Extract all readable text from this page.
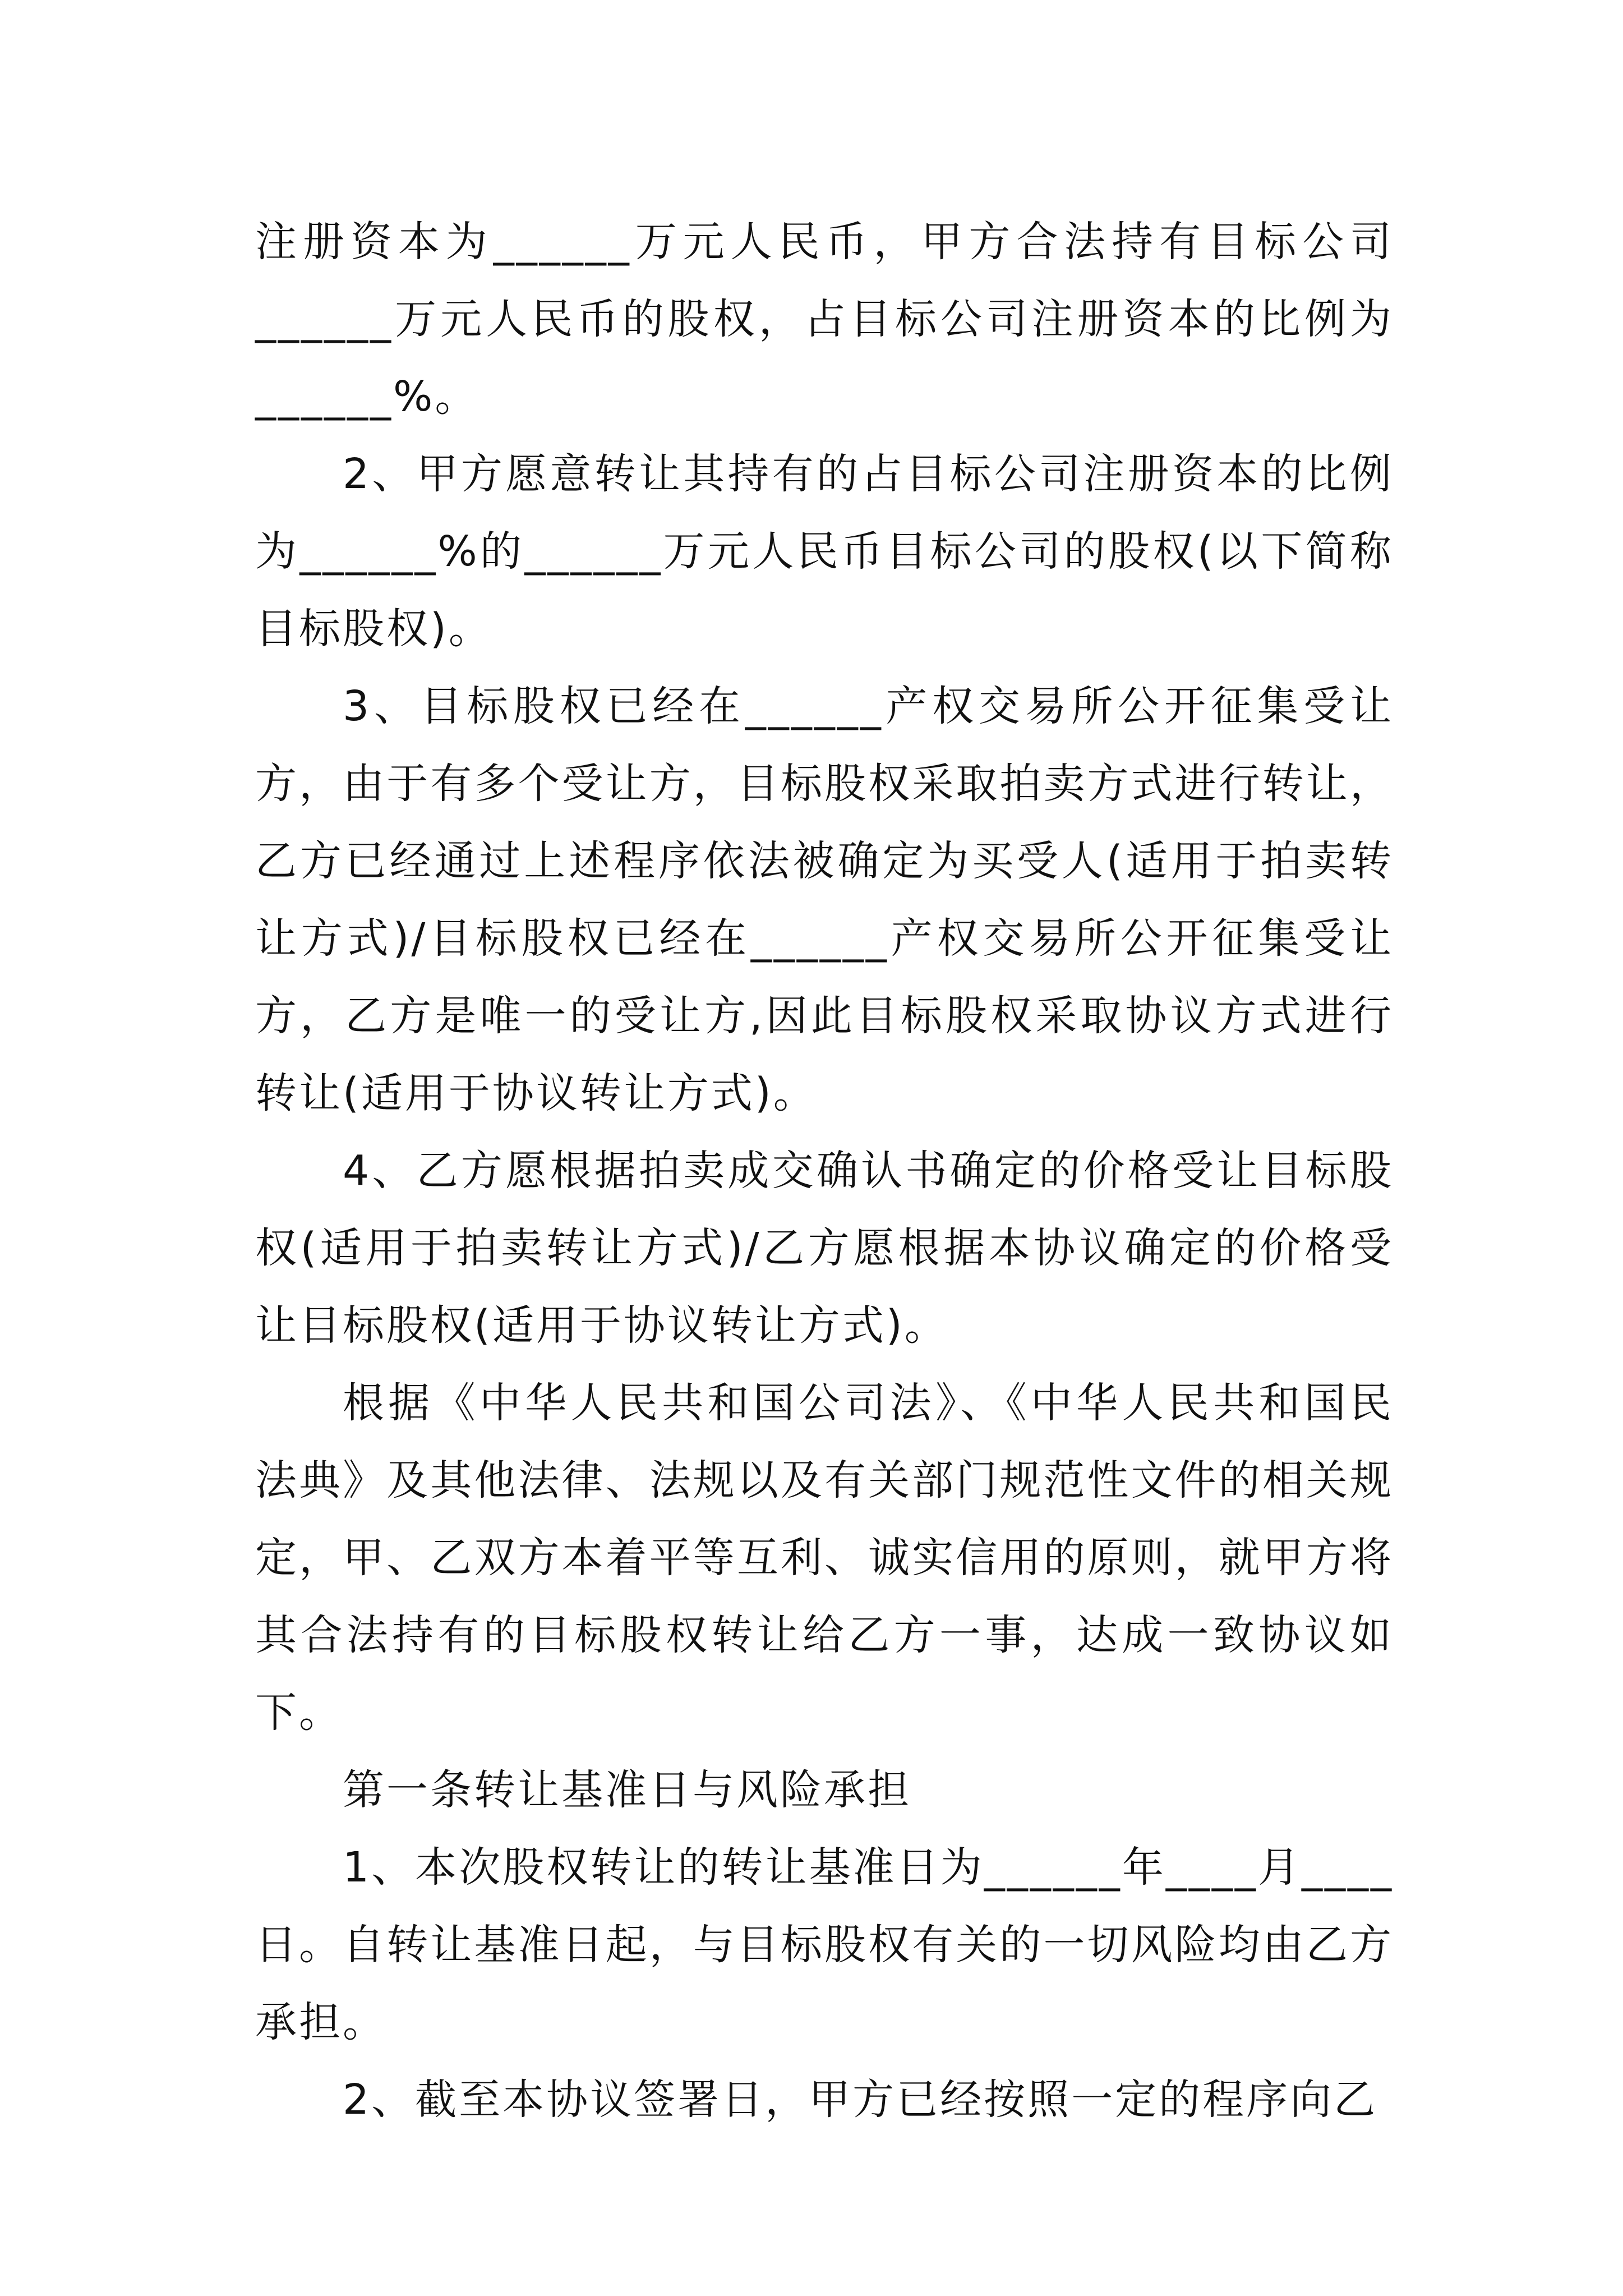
注册资本为______万元人民币，甲方合法持有目标公司______万元人民币的股权，占目标公司注册资本的比例为______%。

2、甲方愿意转让其持有的占目标公司注册资本的比例为______%的______万元人民币目标公司的股权(以下简称目标股权)。

3、目标股权已经在______产权交易所公开征集受让方，由于有多个受让方，目标股权采取拍卖方式进行转让，乙方已经通过上述程序依法被确定为买受人(适用于拍卖转让方式)/目标股权已经在______产权交易所公开征集受让方，乙方是唯一的受让方,因此目标股权采取协议方式进行转让(适用于协议转让方式)。

4、乙方愿根据拍卖成交确认书确定的价格受让目标股权(适用于拍卖转让方式)/乙方愿根据本协议确定的价格受让目标股权(适用于协议转让方式)。

根据《中华人民共和国公司法》、《中华人民共和国民法典》及其他法律、法规以及有关部门规范性文件的相关规定，甲、乙双方本着平等互利、诚实信用的原则，就甲方将其合法持有的目标股权转让给乙方一事，达成一致协议如下。

第一条转让基准日与风险承担

1、本次股权转让的转让基准日为______年____月____日。自转让基准日起，与目标股权有关的一切风险均由乙方承担。

2、截至本协议签署日，甲方已经按照一定的程序向乙
